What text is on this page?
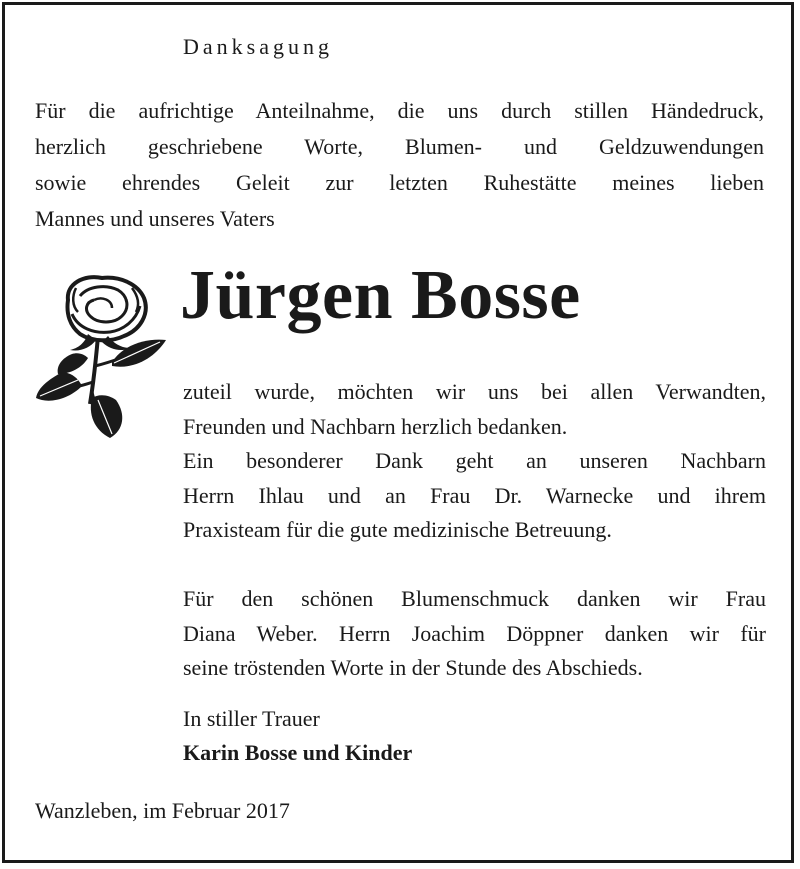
Danksagung
Für die aufrichtige Anteilnahme, die uns durch stillen Händedruck,
herzlich geschriebene Worte, Blumen- und Geldzuwendungen
sowie ehrendes Geleit zur letzten Ruhestätte meines lieben
Mannes und unseres Vaters
Jürgen Bosse
zuteil wurde, möchten wir uns bei allen Verwandten,
Freunden und Nachbarn herzlich bedanken.
Ein besonderer Dank geht an unseren Nachbarn
Herrn Ihlau und an Frau Dr. Warnecke und ihrem
Praxisteam für die gute medizinische Betreuung.
Für den schönen Blumenschmuck danken wir Frau
Diana Weber. Herrn Joachim Döppner danken wir für
seine tröstenden Worte in der Stunde des Abschieds.
In stiller Trauer
Karin Bosse und Kinder
Wanzleben, im Februar 2017
